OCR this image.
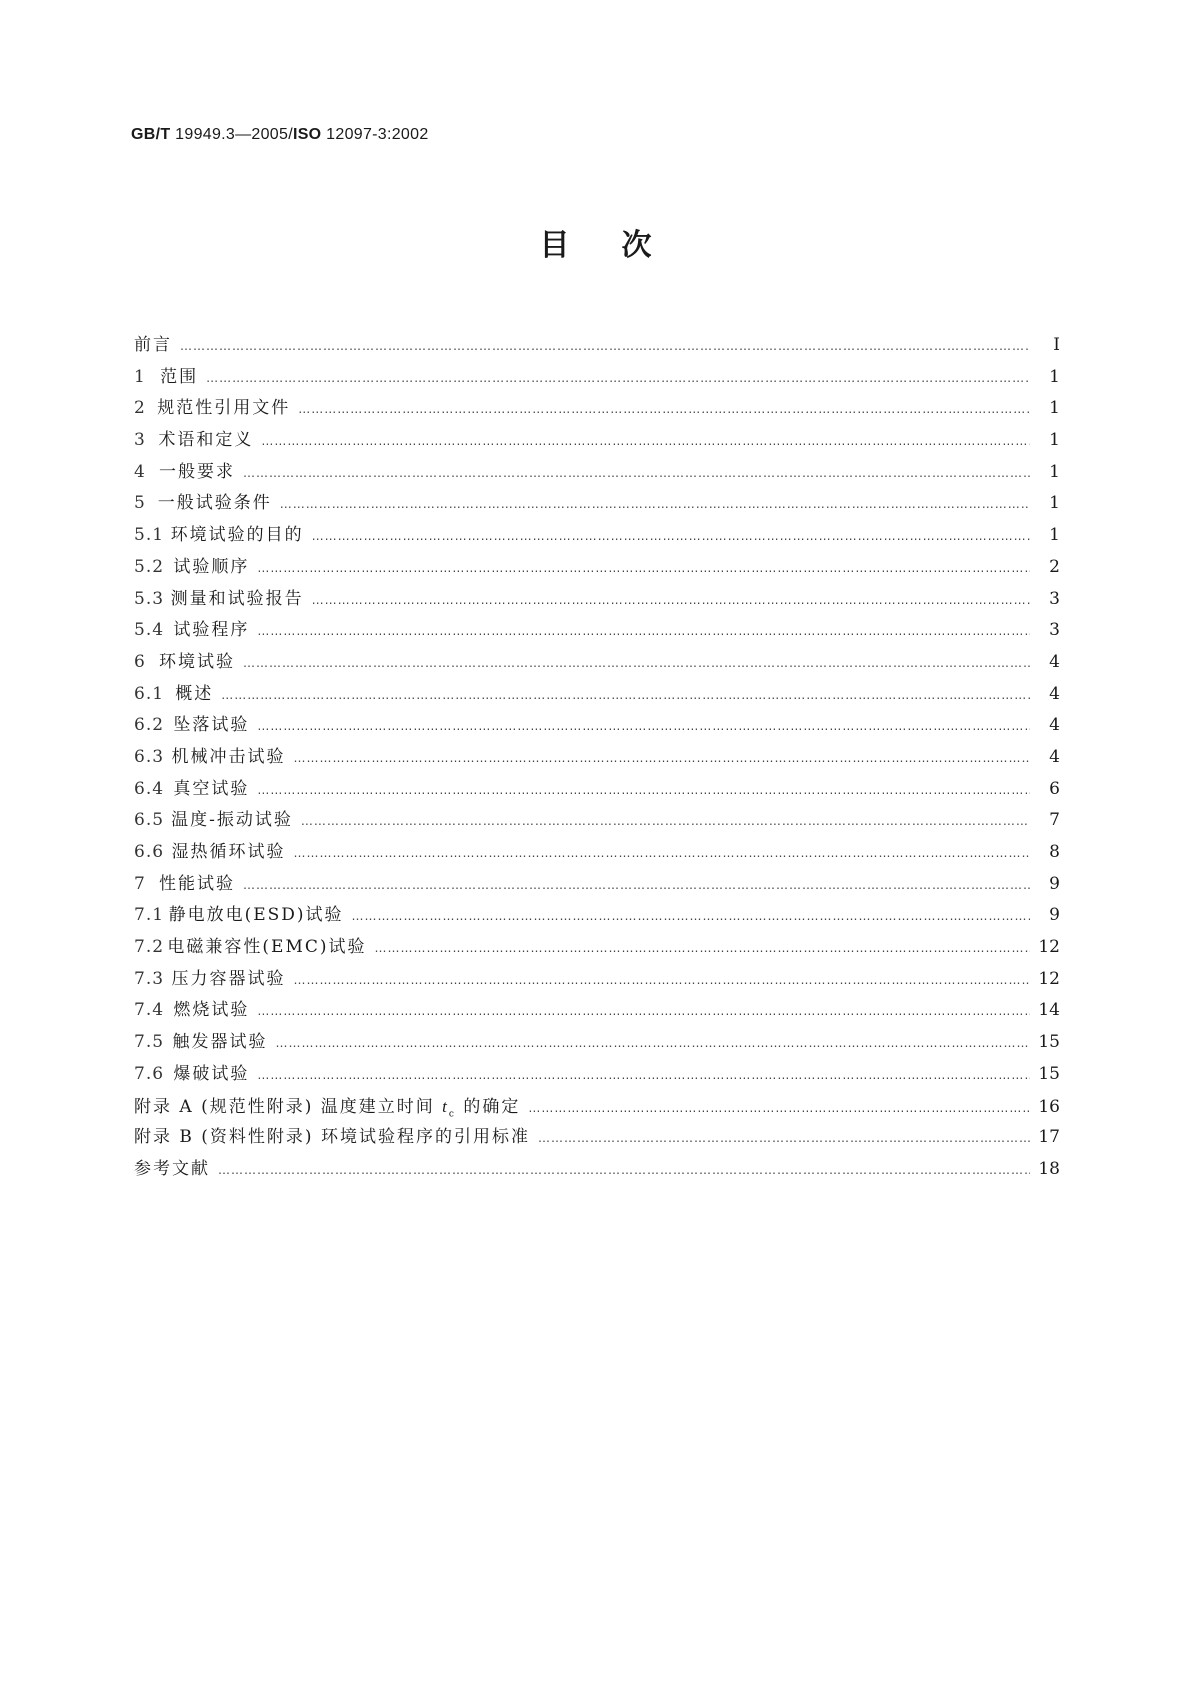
GB/T 19949.3—2005/ISO 12097-3:2002
目次
前言 ……………………………………………………………………………………………………………………………………………………………………………………………………………………	I
1 范围 ……………………………………………………………………………………………………………………………………………………………………………………………………………………	1
2 规范性引用文件 ……………………………………………………………………………………………………………………………………………………………………………………………………………………	1
3 术语和定义 ……………………………………………………………………………………………………………………………………………………………………………………………………………………	1
4 一般要求 ……………………………………………………………………………………………………………………………………………………………………………………………………………………	1
5 一般试验条件 ……………………………………………………………………………………………………………………………………………………………………………………………………………………	1
5.1 环境试验的目的 ……………………………………………………………………………………………………………………………………………………………………………………………………………………	1
5.2 试验顺序 ……………………………………………………………………………………………………………………………………………………………………………………………………………………	2
5.3 测量和试验报告 ……………………………………………………………………………………………………………………………………………………………………………………………………………………	3
5.4 试验程序 ……………………………………………………………………………………………………………………………………………………………………………………………………………………	3
6 环境试验 ……………………………………………………………………………………………………………………………………………………………………………………………………………………	4
6.1 概述 ……………………………………………………………………………………………………………………………………………………………………………………………………………………	4
6.2 坠落试验 ……………………………………………………………………………………………………………………………………………………………………………………………………………………	4
6.3 机械冲击试验 ……………………………………………………………………………………………………………………………………………………………………………………………………………………	4
6.4 真空试验 ……………………………………………………………………………………………………………………………………………………………………………………………………………………	6
6.5 温度-振动试验 ……………………………………………………………………………………………………………………………………………………………………………………………………………………	7
6.6 湿热循环试验 ……………………………………………………………………………………………………………………………………………………………………………………………………………………	8
7 性能试验 ……………………………………………………………………………………………………………………………………………………………………………………………………………………	9
7.1 静电放电(ESD)试验 ……………………………………………………………………………………………………………………………………………………………………………………………………………………	9
7.2 电磁兼容性(EMC)试验 ……………………………………………………………………………………………………………………………………………………………………………………………………………………	12
7.3 压力容器试验 ……………………………………………………………………………………………………………………………………………………………………………………………………………………	12
7.4 燃烧试验 ……………………………………………………………………………………………………………………………………………………………………………………………………………………	14
7.5 触发器试验 ……………………………………………………………………………………………………………………………………………………………………………………………………………………	15
7.6 爆破试验 ……………………………………………………………………………………………………………………………………………………………………………………………………………………	15
附录 A (规范性附录) 温度建立时间 $t_c$ 的确定 ……………………………………………………………………………………………………………………………………………………………………………………………………………………	16
附录 B (资料性附录) 环境试验程序的引用标准 ……………………………………………………………………………………………………………………………………………………………………………………………………………………	17
参考文献 ……………………………………………………………………………………………………………………………………………………………………………………………………………………	18
